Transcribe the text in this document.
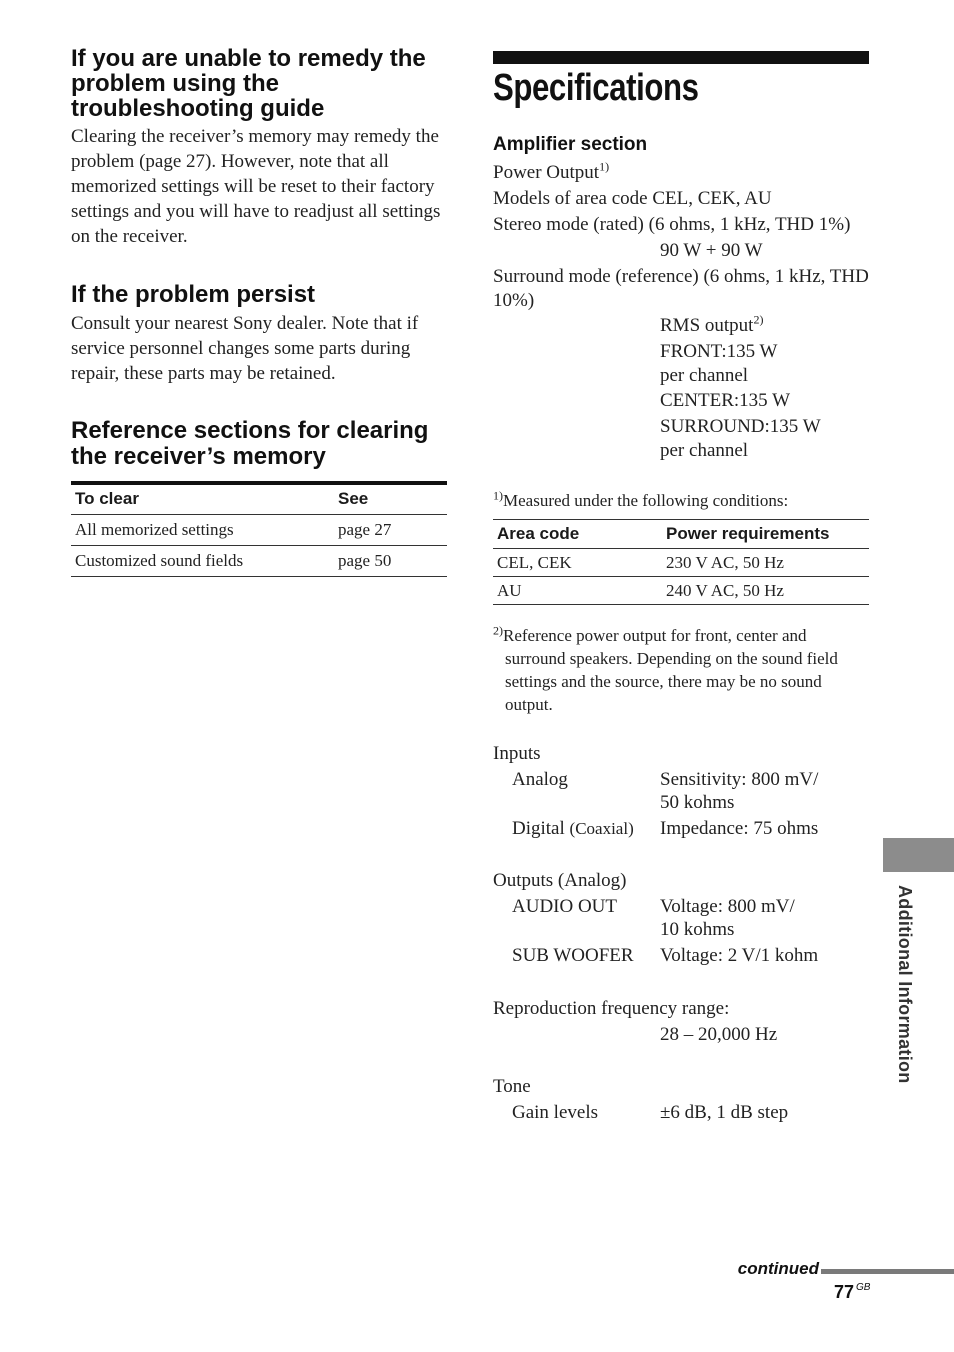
If you are unable to remedy the problem using the troubleshooting guide
Clearing the receiver’s memory may remedy the problem (page 27). However, note that all memorized settings will be reset to their factory settings and you will have to readjust all settings on the receiver.
If the problem persist
Consult your nearest Sony dealer. Note that if service personnel changes some parts during repair, these parts may be retained.
Reference sections for clearing the receiver’s memory
To clear	See
All memorized settings	page 27
Customized sound fields	page 50
Specifications
Amplifier section
Power Output$^{1)}$
Models of area code CEL, CEK, AU
Stereo mode (rated) (6 ohms, 1 kHz, THD 1%)
90 W + 90 W
Surround mode (reference) (6 ohms, 1 kHz, THD
10%)
RMS output$^{2)}$
FRONT:135 W
per channel
CENTER:135 W
SURROUND:135 W
per channel
$^{1)}$Measured under the following conditions:
Area code	Power requirements
CEL, CEK	230 V AC, 50 Hz
AU	240 V AC, 50 Hz
$^{2)}$Reference power output for front, center and surround speakers. Depending on the sound field settings and the source, there may be no sound output.
Inputs
Analog	Sensitivity: 800 mV/
50 kohms
Digital (Coaxial) Impedance: 75 ohms
Outputs (Analog)
AUDIO OUT Voltage: 800 mV/
10 kohms
SUB WOOFER Voltage: 2 V/1 kohm
Reproduction frequency range:
28 – 20,000 Hz
Tone
Gain levels	±6 dB, 1 dB step
Additional Information
continued
77 $^{GB}$
